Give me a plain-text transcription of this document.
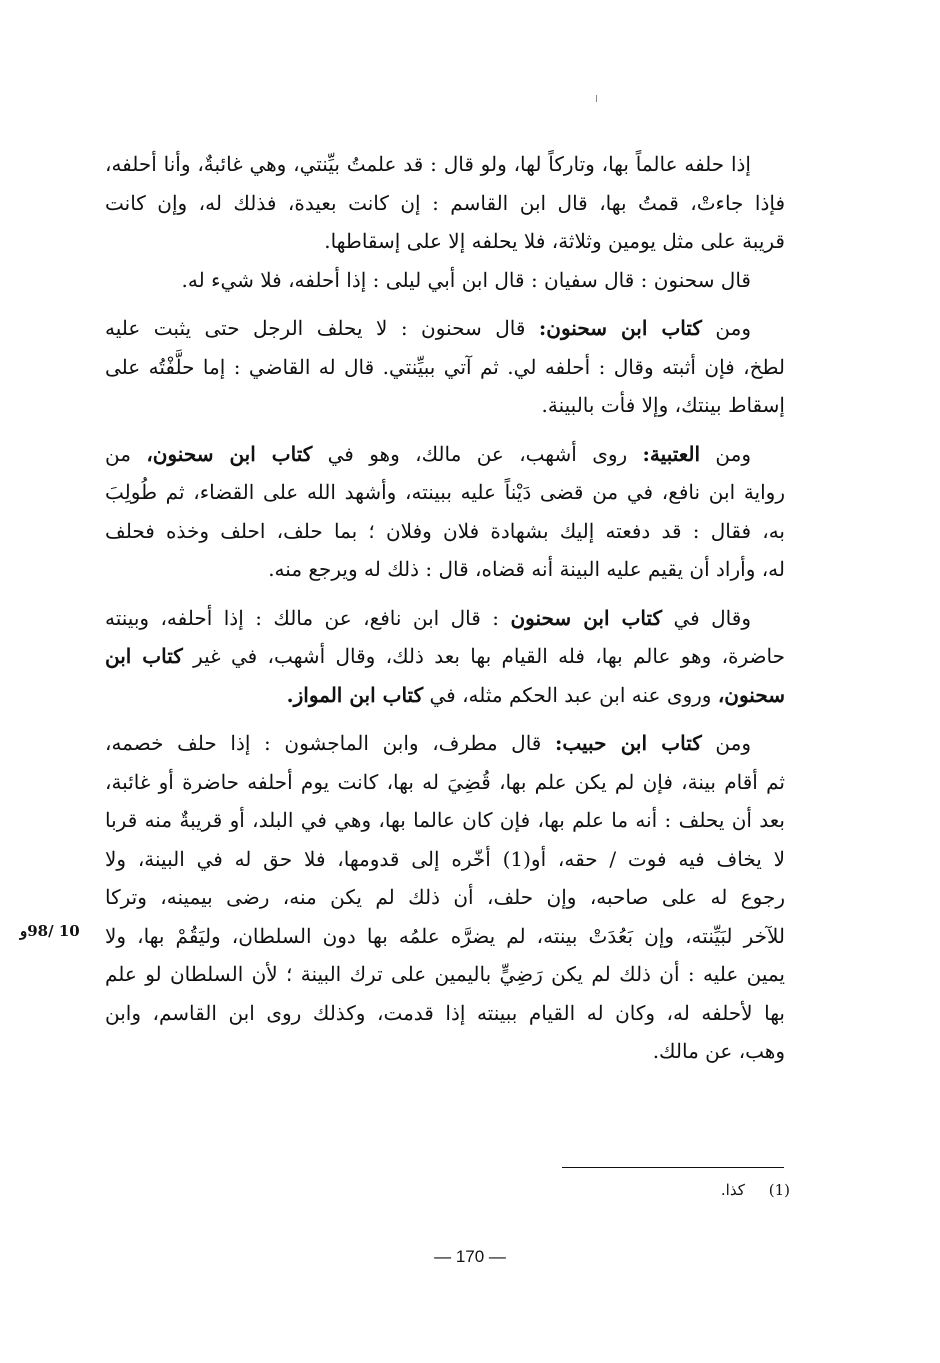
إذا حلفه عالماً بها، وتاركاً لها، ولو قال : قد علمتُ بيِّنتي، وهي غائبةٌ، وأنا أحلفه،
فإذا جاءتْ، قمتُ بها، قال ابن القاسم : إن كانت بعيدة، فذلك له، وإن كانت
قريبة على مثل يومين وثلاثة، فلا يحلفه إلا على إسقاطها.
قال سحنون : قال سفيان : قال ابن أبي ليلى : إذا أحلفه، فلا شيء له.
ومن كتاب ابن سحنون: قال سحنون : لا يحلف الرجل حتى يثبت عليه
لطخ، فإن أثبته وقال : أحلفه لي. ثم آتي ببيِّنتي. قال له القاضي : إما حلَّفْتُه على
إسقاط بينتك، وإلا فأت بالبينة.
ومن العتبية: روى أشهب، عن مالك، وهو في كتاب ابن سحنون، من
رواية ابن نافع، في من قضى دَيْناً عليه ببينته، وأشهد الله على القضاء، ثم طُولِبَ
به، فقال : قد دفعته إليك بشهادة فلان وفلان ؛ بما حلف، احلف وخذه فحلف
له، وأراد أن يقيم عليه البينة أنه قضاه، قال : ذلك له ويرجع منه.
وقال في كتاب ابن سحنون : قال ابن نافع، عن مالك : إذا أحلفه، وبينته
حاضرة، وهو عالم بها، فله القيام بها بعد ذلك، وقال أشهب، في غير كتاب ابن
سحنون، وروى عنه ابن عبد الحكم مثله، في كتاب ابن المواز.
ومن كتاب ابن حبيب: قال مطرف، وابن الماجشون : إذا حلف خصمه،
ثم أقام بينة، فإن لم يكن علم بها، قُضِيَ له بها، كانت يوم أحلفه حاضرة أو غائبة،
بعد أن يحلف : أنه ما علم بها، فإن كان عالما بها، وهي في البلد، أو قريبةٌ منه قربا
لا يخاف فيه فوت / حقه، أو(1) أخّره إلى قدومها، فلا حق له في البينة، ولا
رجوع له على صاحبه، وإن حلف، أن ذلك لم يكن منه، رضى بيمينه، وتركا
للآخر لبَيِّنته، وإن بَعُدَتْ بينته، لم يضرَّه علمُه بها دون السلطان، وليَقُمْ بها، ولا
يمين عليه : أن ذلك لم يكن رَضِيٍّ باليمين على ترك البينة ؛ لأن السلطان لو علم
بها لأحلفه له، وكان له القيام ببينته إذا قدمت، وكذلك روى ابن القاسم، وابن
وهب، عن مالك.
10 /98و
(1)     كذا.
— 170 —
